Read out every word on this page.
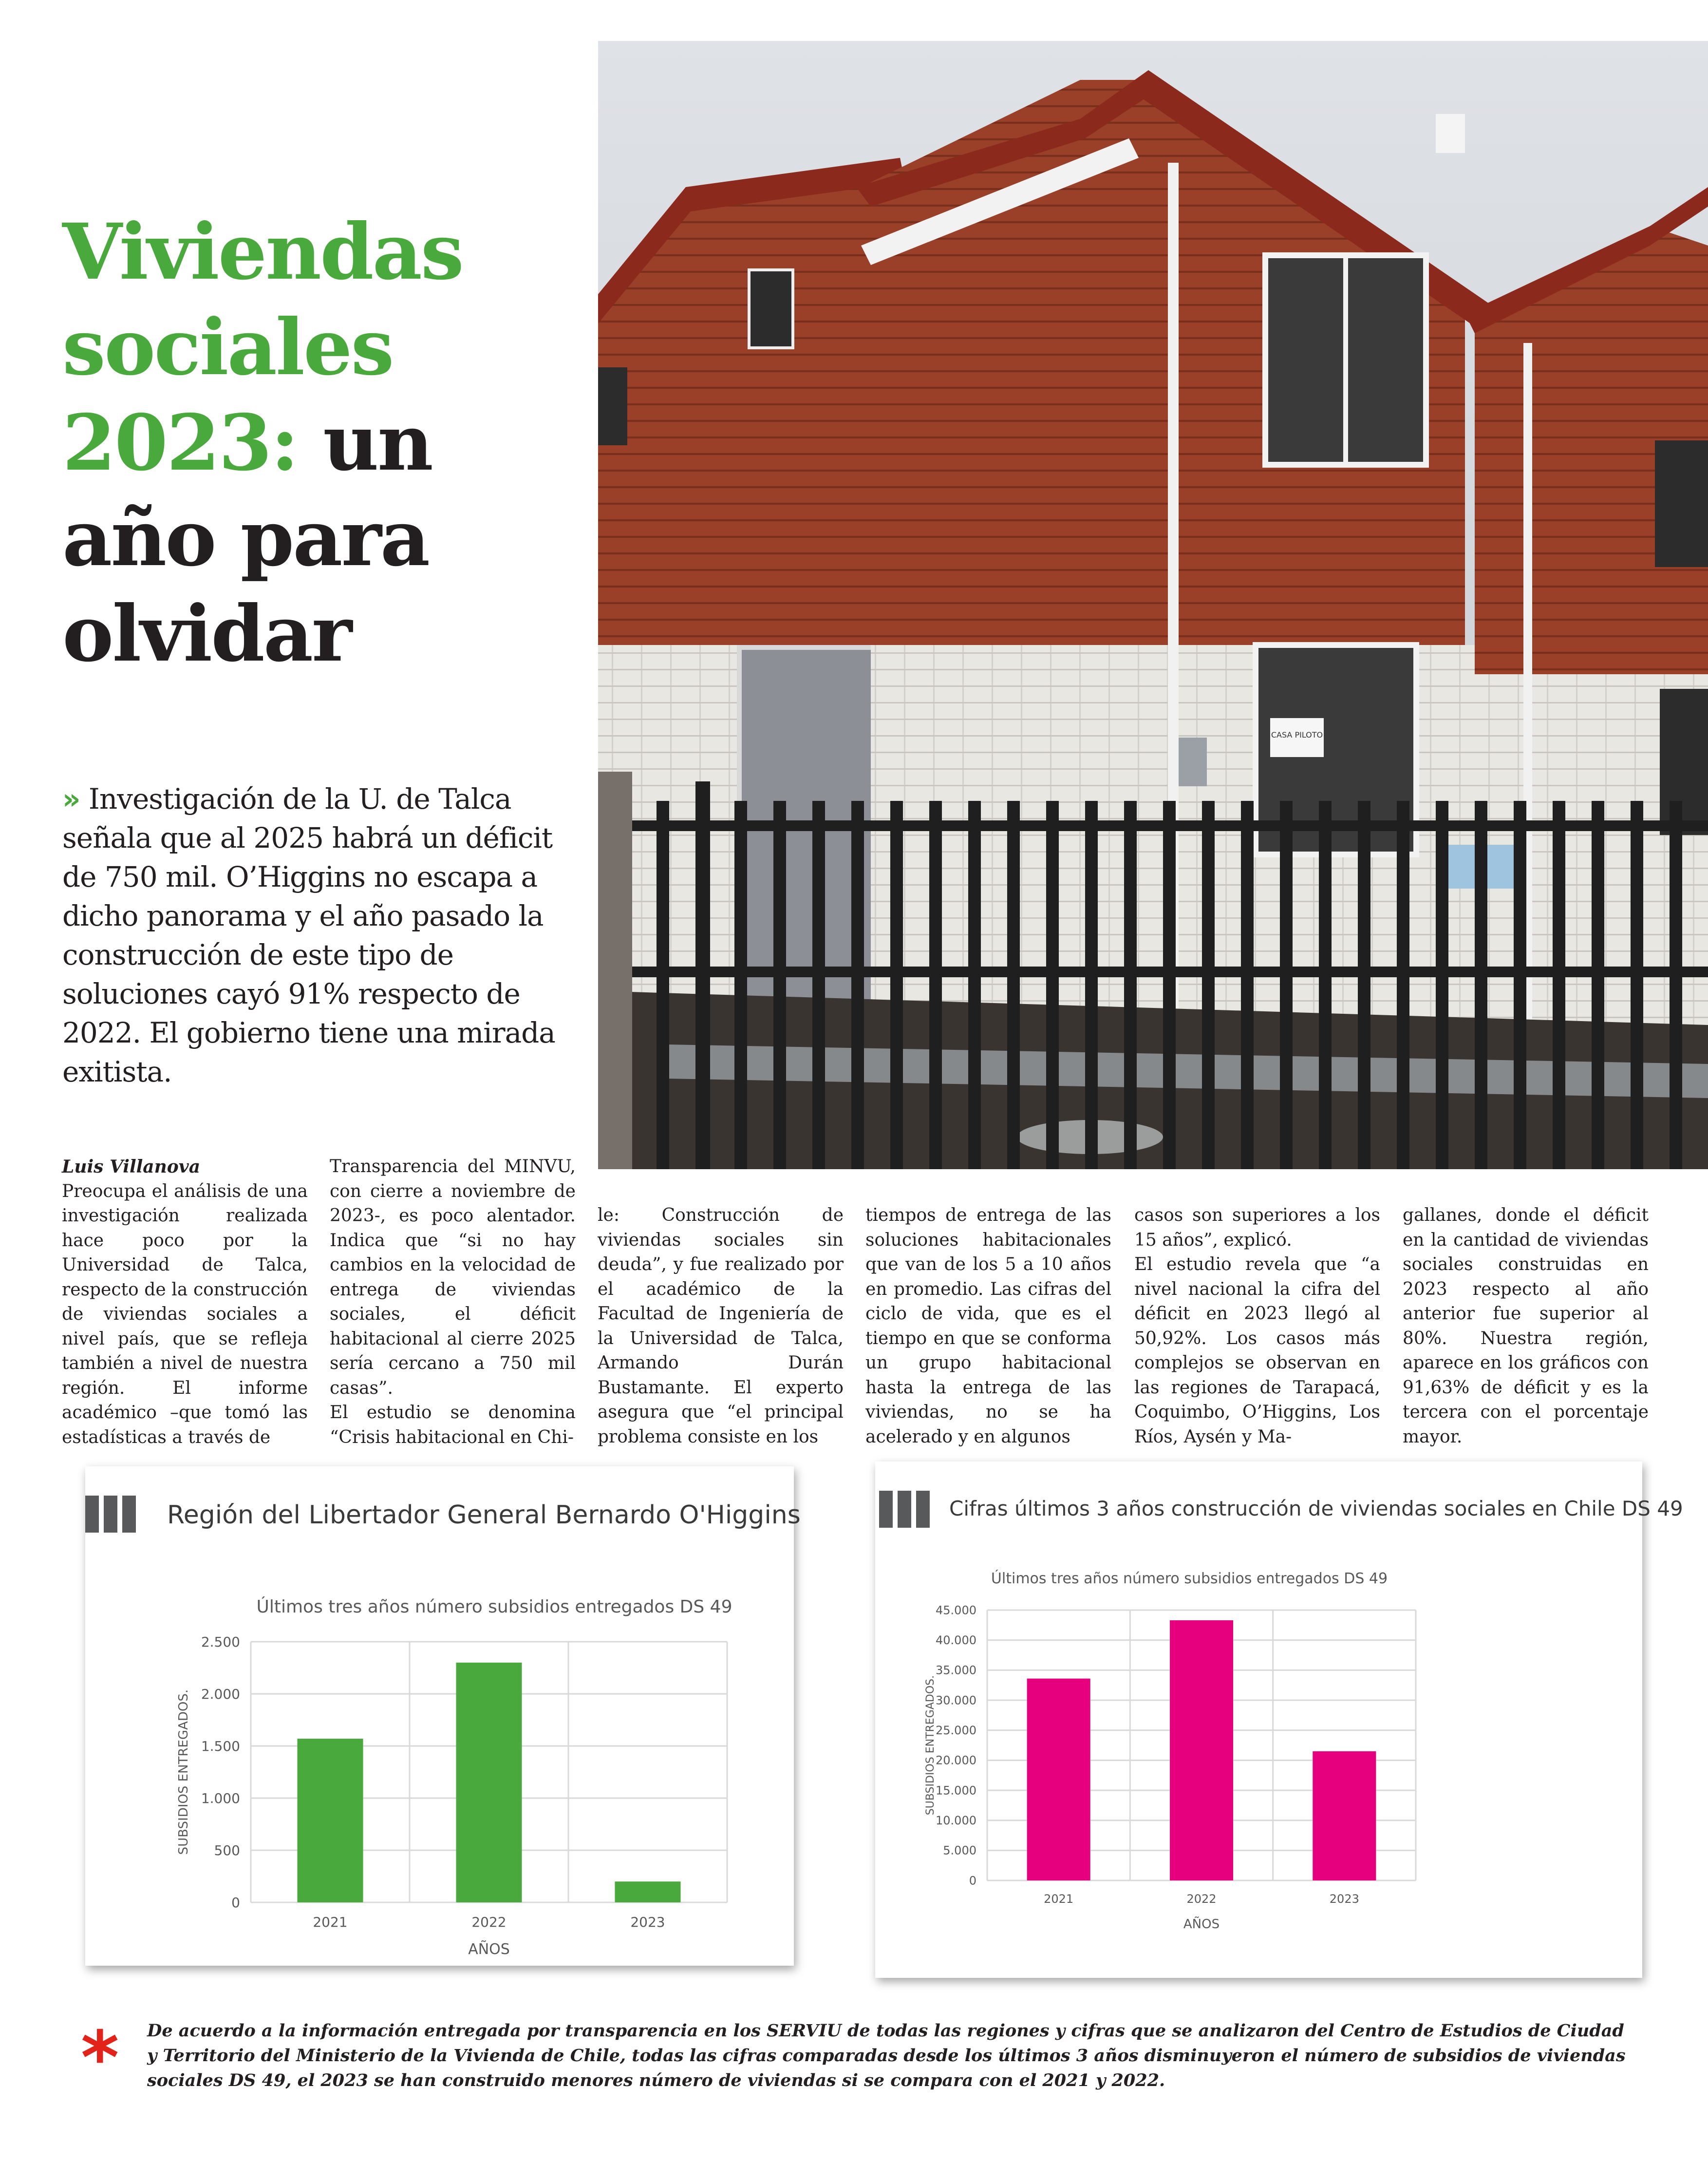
Viviendas sociales 2023: un año para olvidar

» Investigación de la U. de Talca señala que al 2025 habrá un déficit de 750 mil. O’Higgins no escapa a dicho panorama y el año pasado la construcción de este tipo de soluciones cayó 91% respecto de 2022. El gobierno tiene una mirada exitista.

CASA PILOTO

Luis Villanova

Preocupa el análisis de una investigación realizada hace poco por la Universidad de Talca, respecto de la construcción de viviendas sociales a nivel país, que se refleja también a nivel de nuestra región. El informe académico –que tomó las estadísticas a través de

Transparencia del MINVU, con cierre a noviembre de 2023-, es poco alentador. Indica que “si no hay cambios en la velocidad de entrega de viviendas sociales, el déficit habitacional al cierre 2025 sería cercano a 750 mil casas”.

El estudio se denomina “Crisis habitacional en Chi-

le: Construcción de viviendas sociales sin deuda”, y fue realizado por el académico de la Facultad de Ingeniería de la Universidad de Talca, Armando Durán Bustamante. El experto asegura que “el principal problema consiste en los

tiempos de entrega de las soluciones habitacionales que van de los 5 a 10 años en promedio. Las cifras del ciclo de vida, que es el tiempo en que se conforma un grupo habitacional hasta la entrega de las viviendas, no se ha acelerado y en algunos

casos son superiores a los 15 años”, explicó.

El estudio revela que “a nivel nacional la cifra del déficit en 2023 llegó al 50,92%. Los casos más complejos se observan en las regiones de Tarapacá, Coquimbo, O’Higgins, Los Ríos, Aysén y Ma-

gallanes, donde el déficit en la cantidad de viviendas sociales construidas en 2023 respecto al año anterior fue superior al 80%. Nuestra región, aparece en los gráficos con 91,63% de déficit y es la tercera con el porcentaje mayor.

Región del Libertador General Bernardo O'Higgins
Últimos tres años número subsidios entregados DS 49
0
500
1.000
1.500
2.000
2.500
2021	2022	2023
AÑOS
SUBSIDIOS ENTREGADOS.
Cifras últimos 3 años construcción de viviendas sociales en Chile DS 49
Últimos tres años número subsidios entregados DS 49
0
5.000
10.000
15.000
20.000
25.000
30.000
35.000
40.000
45.000
2021	2022	2023
AÑOS
SUBSIDIOS ENTREGADOS.
* De acuerdo a la información entregada por transparencia en los SERVIU de todas las regiones y cifras que se analizaron del Centro de Estudios de Ciudad y Territorio del Ministerio de la Vivienda de Chile, todas las cifras comparadas desde los últimos 3 años disminuyeron el número de subsidios de viviendas sociales DS 49, el 2023 se han construido menores número de viviendas si se compara con el 2021 y 2022.
